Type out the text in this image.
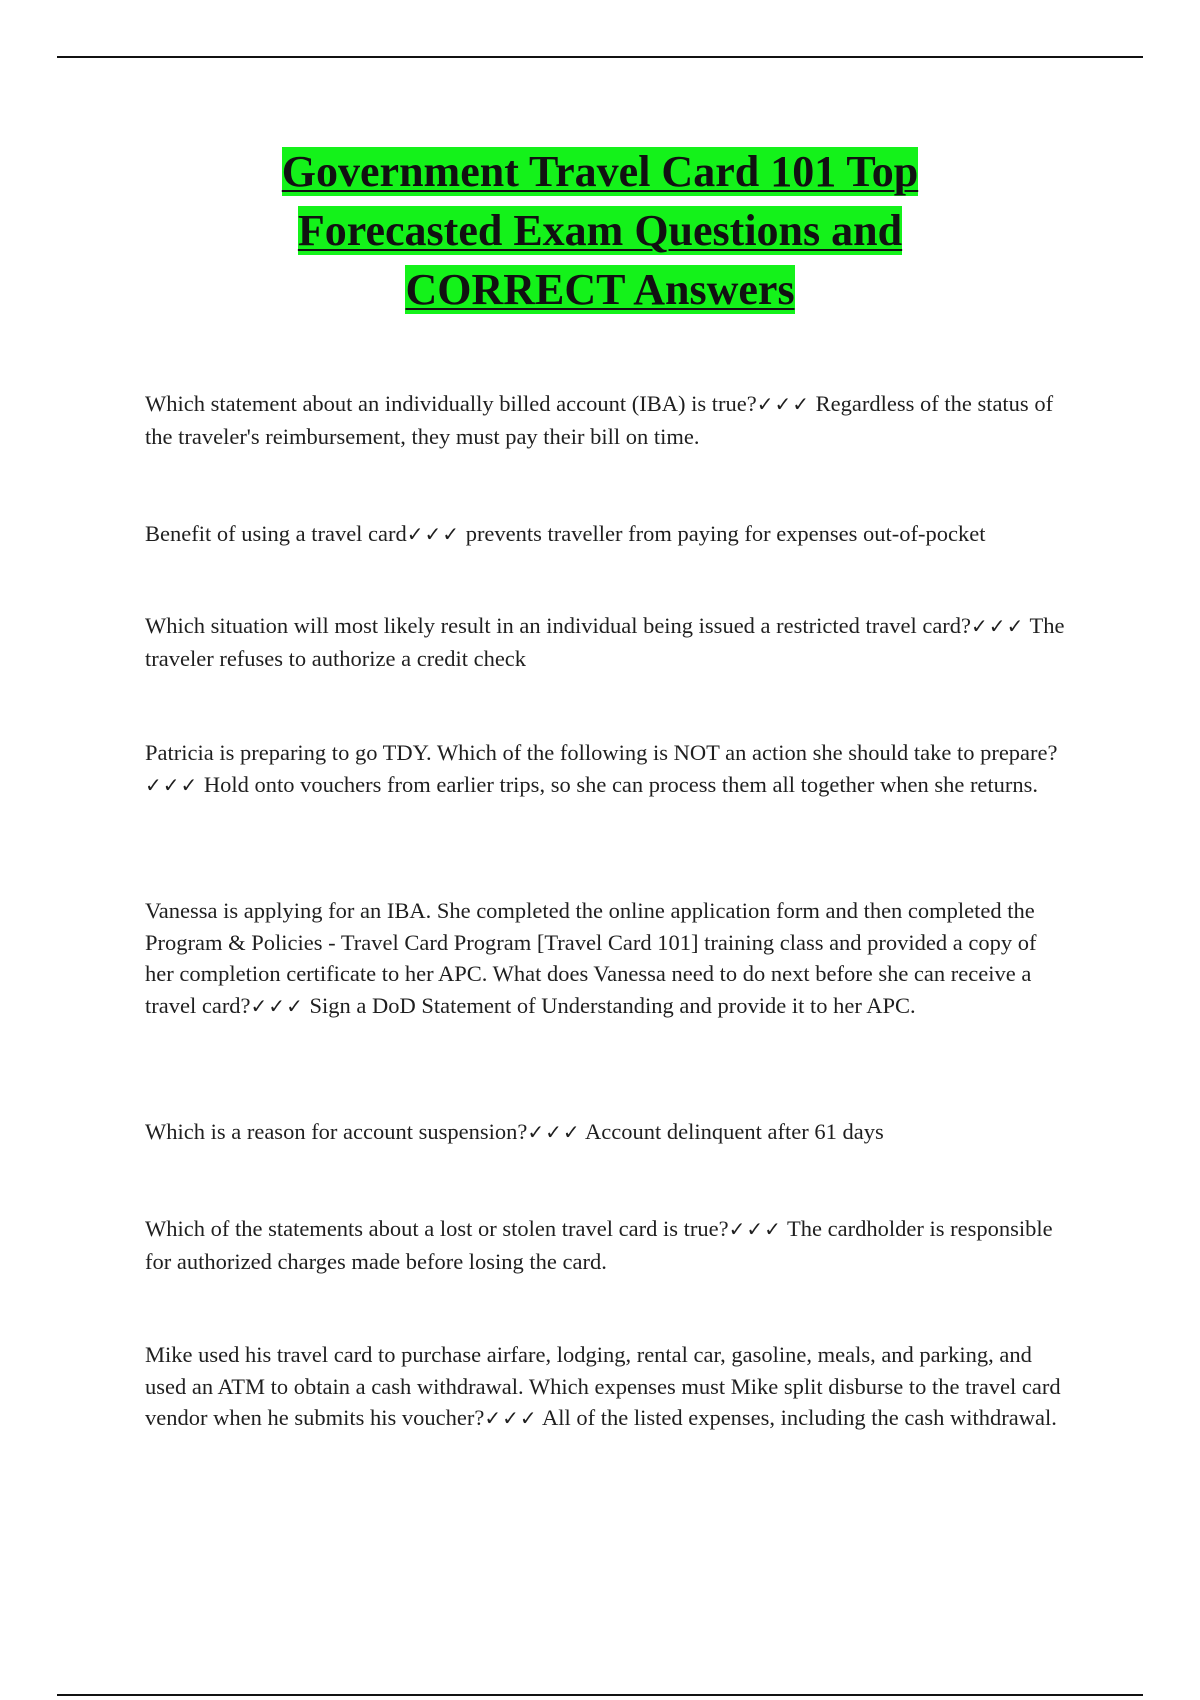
Government Travel Card 101 Top
Forecasted Exam Questions and
CORRECT Answers
Which statement about an individually billed account (IBA) is true?✓✓✓ Regardless of the status of the traveler's reimbursement, they must pay their bill on time.
Benefit of using a travel card✓✓✓ prevents traveller from paying for expenses out-of-pocket
Which situation will most likely result in an individual being issued a restricted travel card?✓✓✓ The traveler refuses to authorize a credit check
Patricia is preparing to go TDY. Which of the following is NOT an action she should take to prepare?✓✓✓ Hold onto vouchers from earlier trips, so she can process them all together when she returns.
Vanessa is applying for an IBA. She completed the online application form and then completed the Program & Policies - Travel Card Program [Travel Card 101] training class and provided a copy of her completion certificate to her APC. What does Vanessa need to do next before she can receive a travel card?✓✓✓ Sign a DoD Statement of Understanding and provide it to her APC.
Which is a reason for account suspension?✓✓✓ Account delinquent after 61 days
Which of the statements about a lost or stolen travel card is true?✓✓✓ The cardholder is responsible for authorized charges made before losing the card.
Mike used his travel card to purchase airfare, lodging, rental car, gasoline, meals, and parking, and used an ATM to obtain a cash withdrawal. Which expenses must Mike split disburse to the travel card vendor when he submits his voucher?✓✓✓ All of the listed expenses, including the cash withdrawal.
